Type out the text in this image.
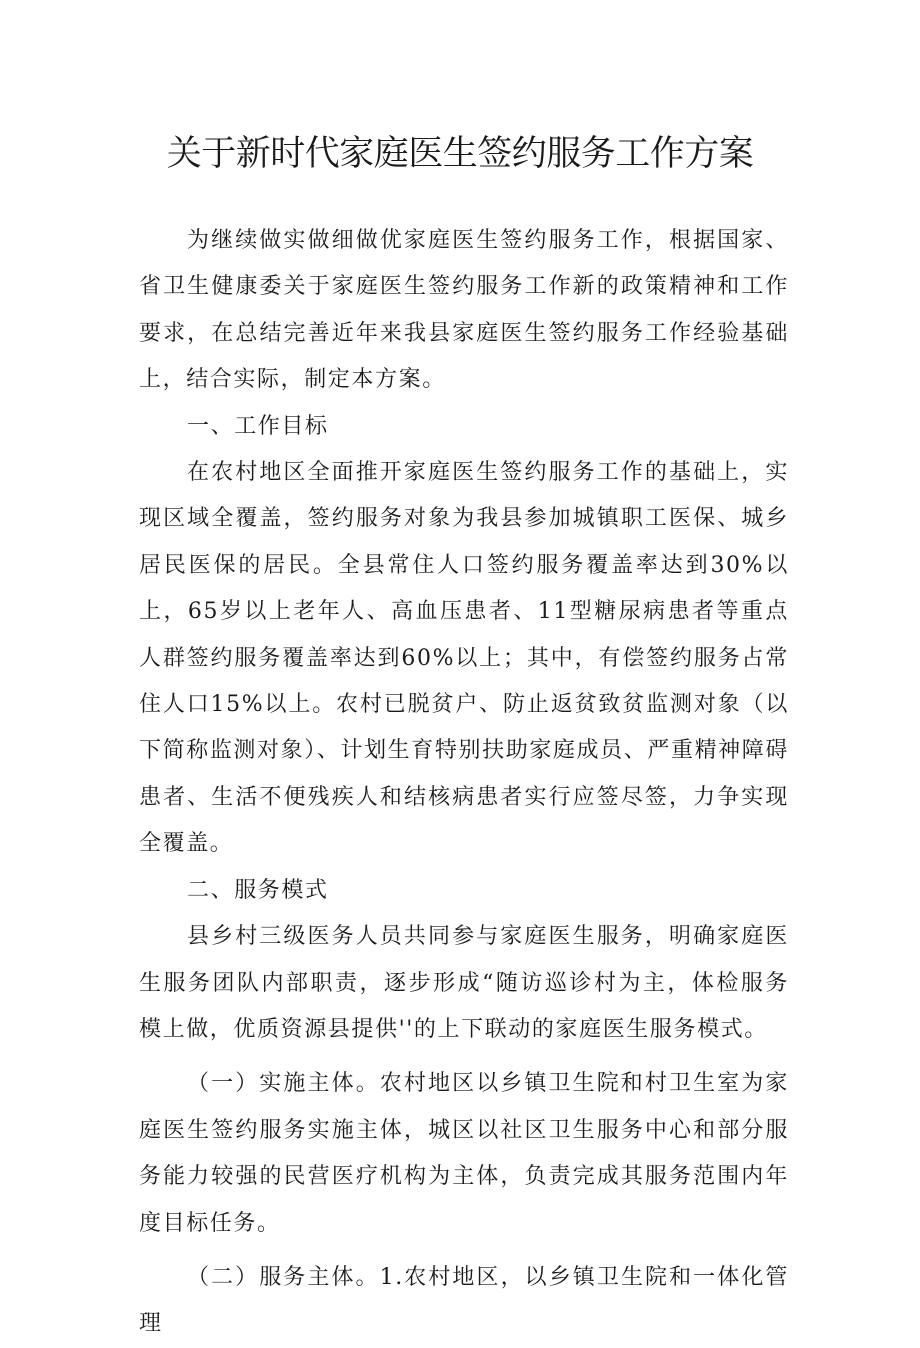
关于新时代家庭医生签约服务工作方案

为继续做实做细做优家庭医生签约服务工作，根据国家、省卫生健康委关于家庭医生签约服务工作新的政策精神和工作要求，在总结完善近年来我县家庭医生签约服务工作经验基础上，结合实际，制定本方案。

一、工作目标

在农村地区全面推开家庭医生签约服务工作的基础上，实现区域全覆盖，签约服务对象为我县参加城镇职工医保、城乡居民医保的居民。全县常住人口签约服务覆盖率达到30%以上，65岁以上老年人、高血压患者、11型糖尿病患者等重点人群签约服务覆盖率达到60%以上；其中，有偿签约服务占常住人口15%以上。农村已脱贫户、防止返贫致贫监测对象（以下简称监测对象）、计划生育特别扶助家庭成员、严重精神障碍患者、生活不便残疾人和结核病患者实行应签尽签，力争实现全覆盖。

二、服务模式

县乡村三级医务人员共同参与家庭医生服务，明确家庭医生服务团队内部职责，逐步形成“随访巡诊村为主，体检服务模上做，优质资源县提供''的上下联动的家庭医生服务模式。

（一）实施主体。农村地区以乡镇卫生院和村卫生室为家庭医生签约服务实施主体，城区以社区卫生服务中心和部分服务能力较强的民营医疗机构为主体，负责完成其服务范围内年度目标任务。

（二）服务主体。1.农村地区，以乡镇卫生院和一体化管理
